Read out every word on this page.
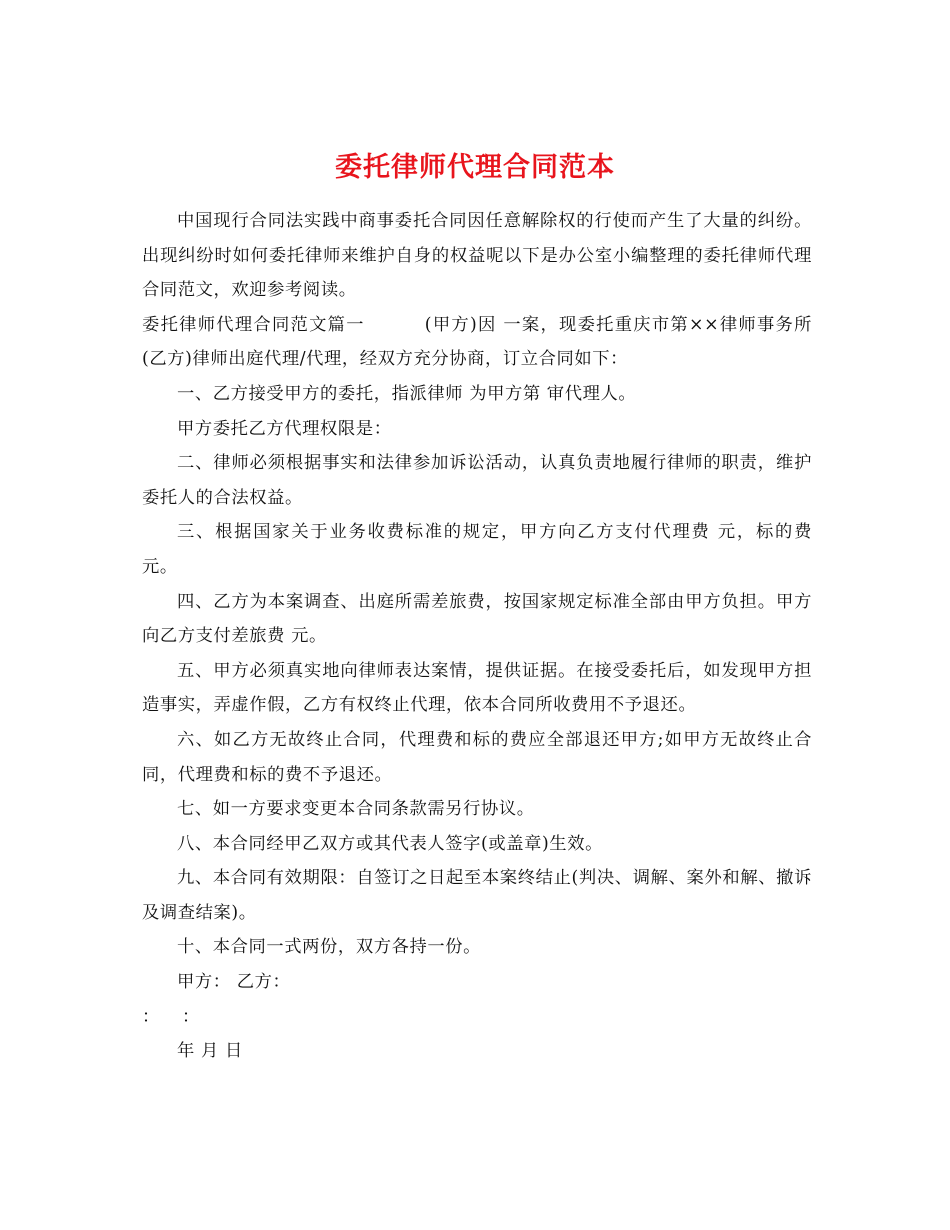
委托律师代理合同范本

中国现行合同法实践中商事委托合同因任意解除权的行使而产生了大量的纠纷。出现纠纷时如何委托律师来维护自身的权益呢以下是办公室小编整理的委托律师代理合同范文，欢迎参考阅读。

委托律师代理合同范文篇一	(甲方)因 一案，现委托重庆市第××律师事务所(乙方)律师出庭代理/代理，经双方充分协商，订立合同如下：

一、乙方接受甲方的委托，指派律师 为甲方第 审代理人。

甲方委托乙方代理权限是：

二、律师必须根据事实和法律参加诉讼活动，认真负责地履行律师的职责，维护委托人的合法权益。

三、根据国家关于业务收费标准的规定，甲方向乙方支付代理费 元，标的费 元。

四、乙方为本案调查、出庭所需差旅费，按国家规定标准全部由甲方负担。甲方向乙方支付差旅费 元。

五、甲方必须真实地向律师表达案情，提供证据。在接受委托后，如发现甲方担造事实，弄虚作假，乙方有权终止代理，依本合同所收费用不予退还。

六、如乙方无故终止合同，代理费和标的费应全部退还甲方;如甲方无故终止合同，代理费和标的费不予退还。

七、如一方要求变更本合同条款需另行协议。

八、本合同经甲乙双方或其代表人签字(或盖章)生效。

九、本合同有效期限：自签订之日起至本案终结止(判决、调解、案外和解、撤诉及调查结案)。

十、本合同一式两份，双方各持一份。

甲方： 乙方：

： ：

年 月 日
